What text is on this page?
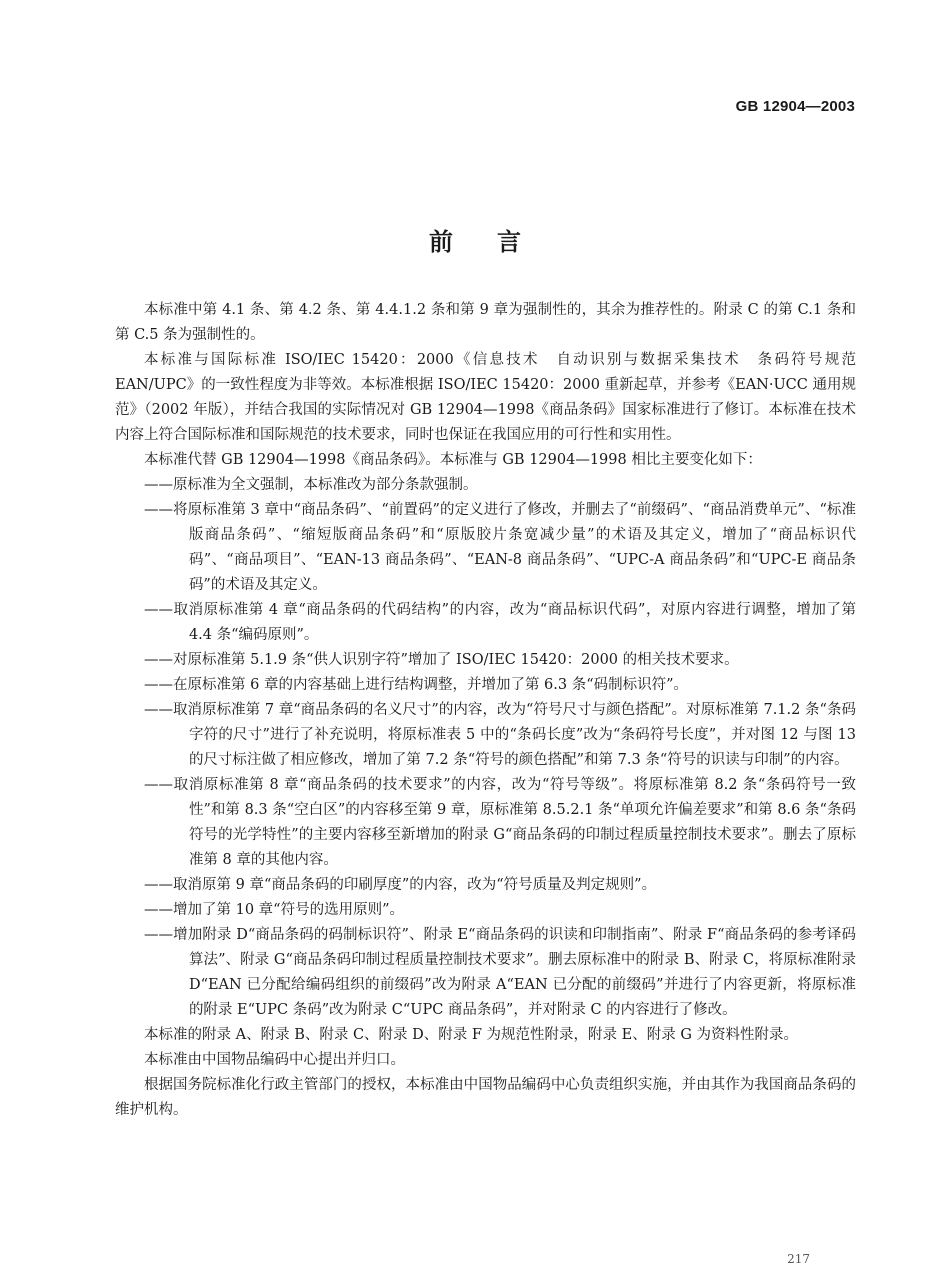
GB 12904—2003
前言

本标准中第 4.1 条、第 4.2 条、第 4.4.1.2 条和第 9 章为强制性的，其余为推荐性的。附录 C 的第 C.1 条和第 C.5 条为强制性的。

本标准与国际标准 ISO/IEC 15420：2000《信息技术　自动识别与数据采集技术　条码符号规范 EAN/UPC》的一致性程度为非等效。本标准根据 ISO/IEC 15420：2000 重新起草，并参考《EAN·UCC 通用规范》（2002 年版），并结合我国的实际情况对 GB 12904—1998《商品条码》国家标准进行了修订。本标准在技术内容上符合国际标准和国际规范的技术要求，同时也保证在我国应用的可行性和实用性。

本标准代替 GB 12904—1998《商品条码》。本标准与 GB 12904—1998 相比主要变化如下：

——原标准为全文强制，本标准改为部分条款强制。
——将原标准第 3 章中“商品条码”、“前置码”的定义进行了修改，并删去了“前缀码”、“商品消费单元”、“标准版商品条码”、“缩短版商品条码”和“原版胶片条宽减少量”的术语及其定义，增加了“商品标识代码”、“商品项目”、“EAN-13 商品条码”、“EAN-8 商品条码”、“UPC-A 商品条码”和“UPC-E 商品条码”的术语及其定义。
——取消原标准第 4 章“商品条码的代码结构”的内容，改为“商品标识代码”，对原内容进行调整，增加了第 4.4 条“编码原则”。
——对原标准第 5.1.9 条“供人识别字符”增加了 ISO/IEC 15420：2000 的相关技术要求。
——在原标准第 6 章的内容基础上进行结构调整，并增加了第 6.3 条“码制标识符”。
——取消原标准第 7 章“商品条码的名义尺寸”的内容，改为“符号尺寸与颜色搭配”。对原标准第 7.1.2 条“条码字符的尺寸”进行了补充说明，将原标准表 5 中的“条码长度”改为“条码符号长度”，并对图 12 与图 13 的尺寸标注做了相应修改，增加了第 7.2 条“符号的颜色搭配”和第 7.3 条“符号的识读与印制”的内容。
——取消原标准第 8 章“商品条码的技术要求”的内容，改为“符号等级”。将原标准第 8.2 条“条码符号一致性”和第 8.3 条“空白区”的内容移至第 9 章，原标准第 8.5.2.1 条“单项允许偏差要求”和第 8.6 条“条码符号的光学特性”的主要内容移至新增加的附录 G“商品条码的印制过程质量控制技术要求”。删去了原标准第 8 章的其他内容。
——取消原第 9 章“商品条码的印刷厚度”的内容，改为“符号质量及判定规则”。
——增加了第 10 章“符号的选用原则”。
——增加附录 D“商品条码的码制标识符”、附录 E“商品条码的识读和印制指南”、附录 F“商品条码的参考译码算法”、附录 G“商品条码印制过程质量控制技术要求”。删去原标准中的附录 B、附录 C，将原标准附录 D“EAN 已分配给编码组织的前缀码”改为附录 A“EAN 已分配的前缀码”并进行了内容更新，将原标准的附录 E“UPC 条码”改为附录 C“UPC 商品条码”，并对附录 C 的内容进行了修改。

本标准的附录 A、附录 B、附录 C、附录 D、附录 F 为规范性附录，附录 E、附录 G 为资料性附录。

本标准由中国物品编码中心提出并归口。

根据国务院标准化行政主管部门的授权，本标准由中国物品编码中心负责组织实施，并由其作为我国商品条码的维护机构。

217
